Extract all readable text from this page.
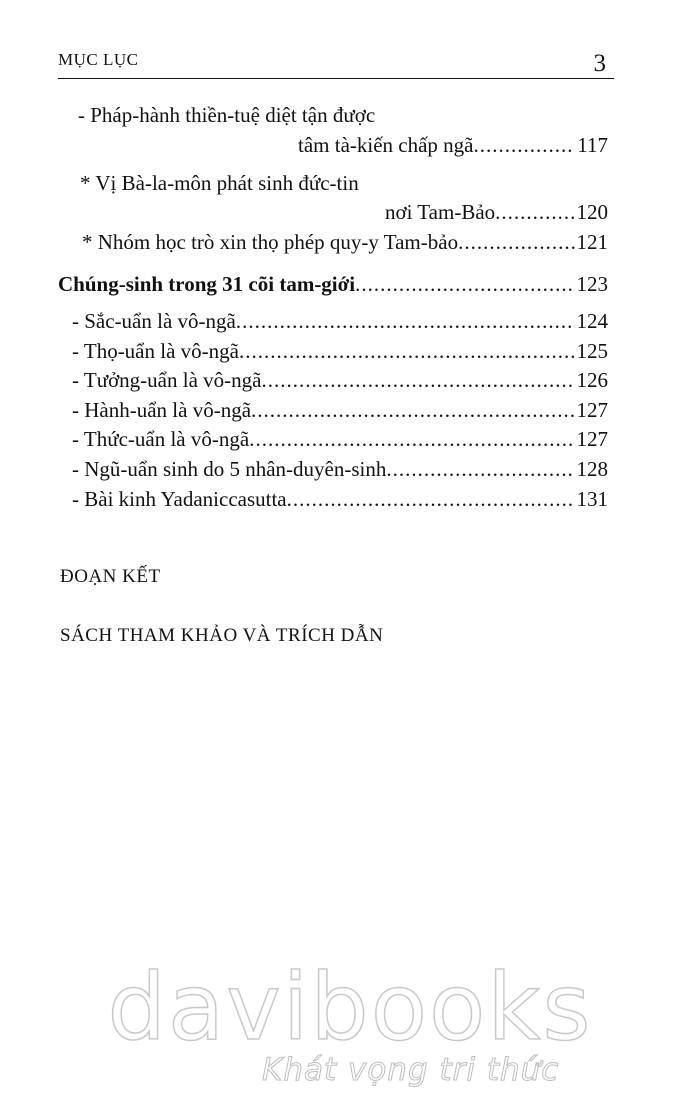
MỤC LỤC	3
- Pháp-hành thiền-tuệ diệt tận được
tâm tà-kiến chấp ngã .....	117
* Vị Bà-la-môn phát sinh đức-tin
nơi Tam-Bảo .....	120
* Nhóm học trò xin thọ phép quy-y Tam-bảo .....	121
Chúng-sinh trong 31 cõi tam-giới .....	123
- Sắc-uẩn là vô-ngã .....	124
- Thọ-uẩn là vô-ngã .....	125
- Tưởng-uẩn là vô-ngã .....	126
- Hành-uẩn là vô-ngã .....	127
- Thức-uẩn là vô-ngã .....	127
- Ngũ-uẩn sinh do 5 nhân-duyên-sinh .....	128
- Bài kinh Yadaniccasutta .....	131
ĐOẠN KẾT
SÁCH THAM KHẢO VÀ TRÍCH DẪN
davibooks
Khát vọng tri thức
